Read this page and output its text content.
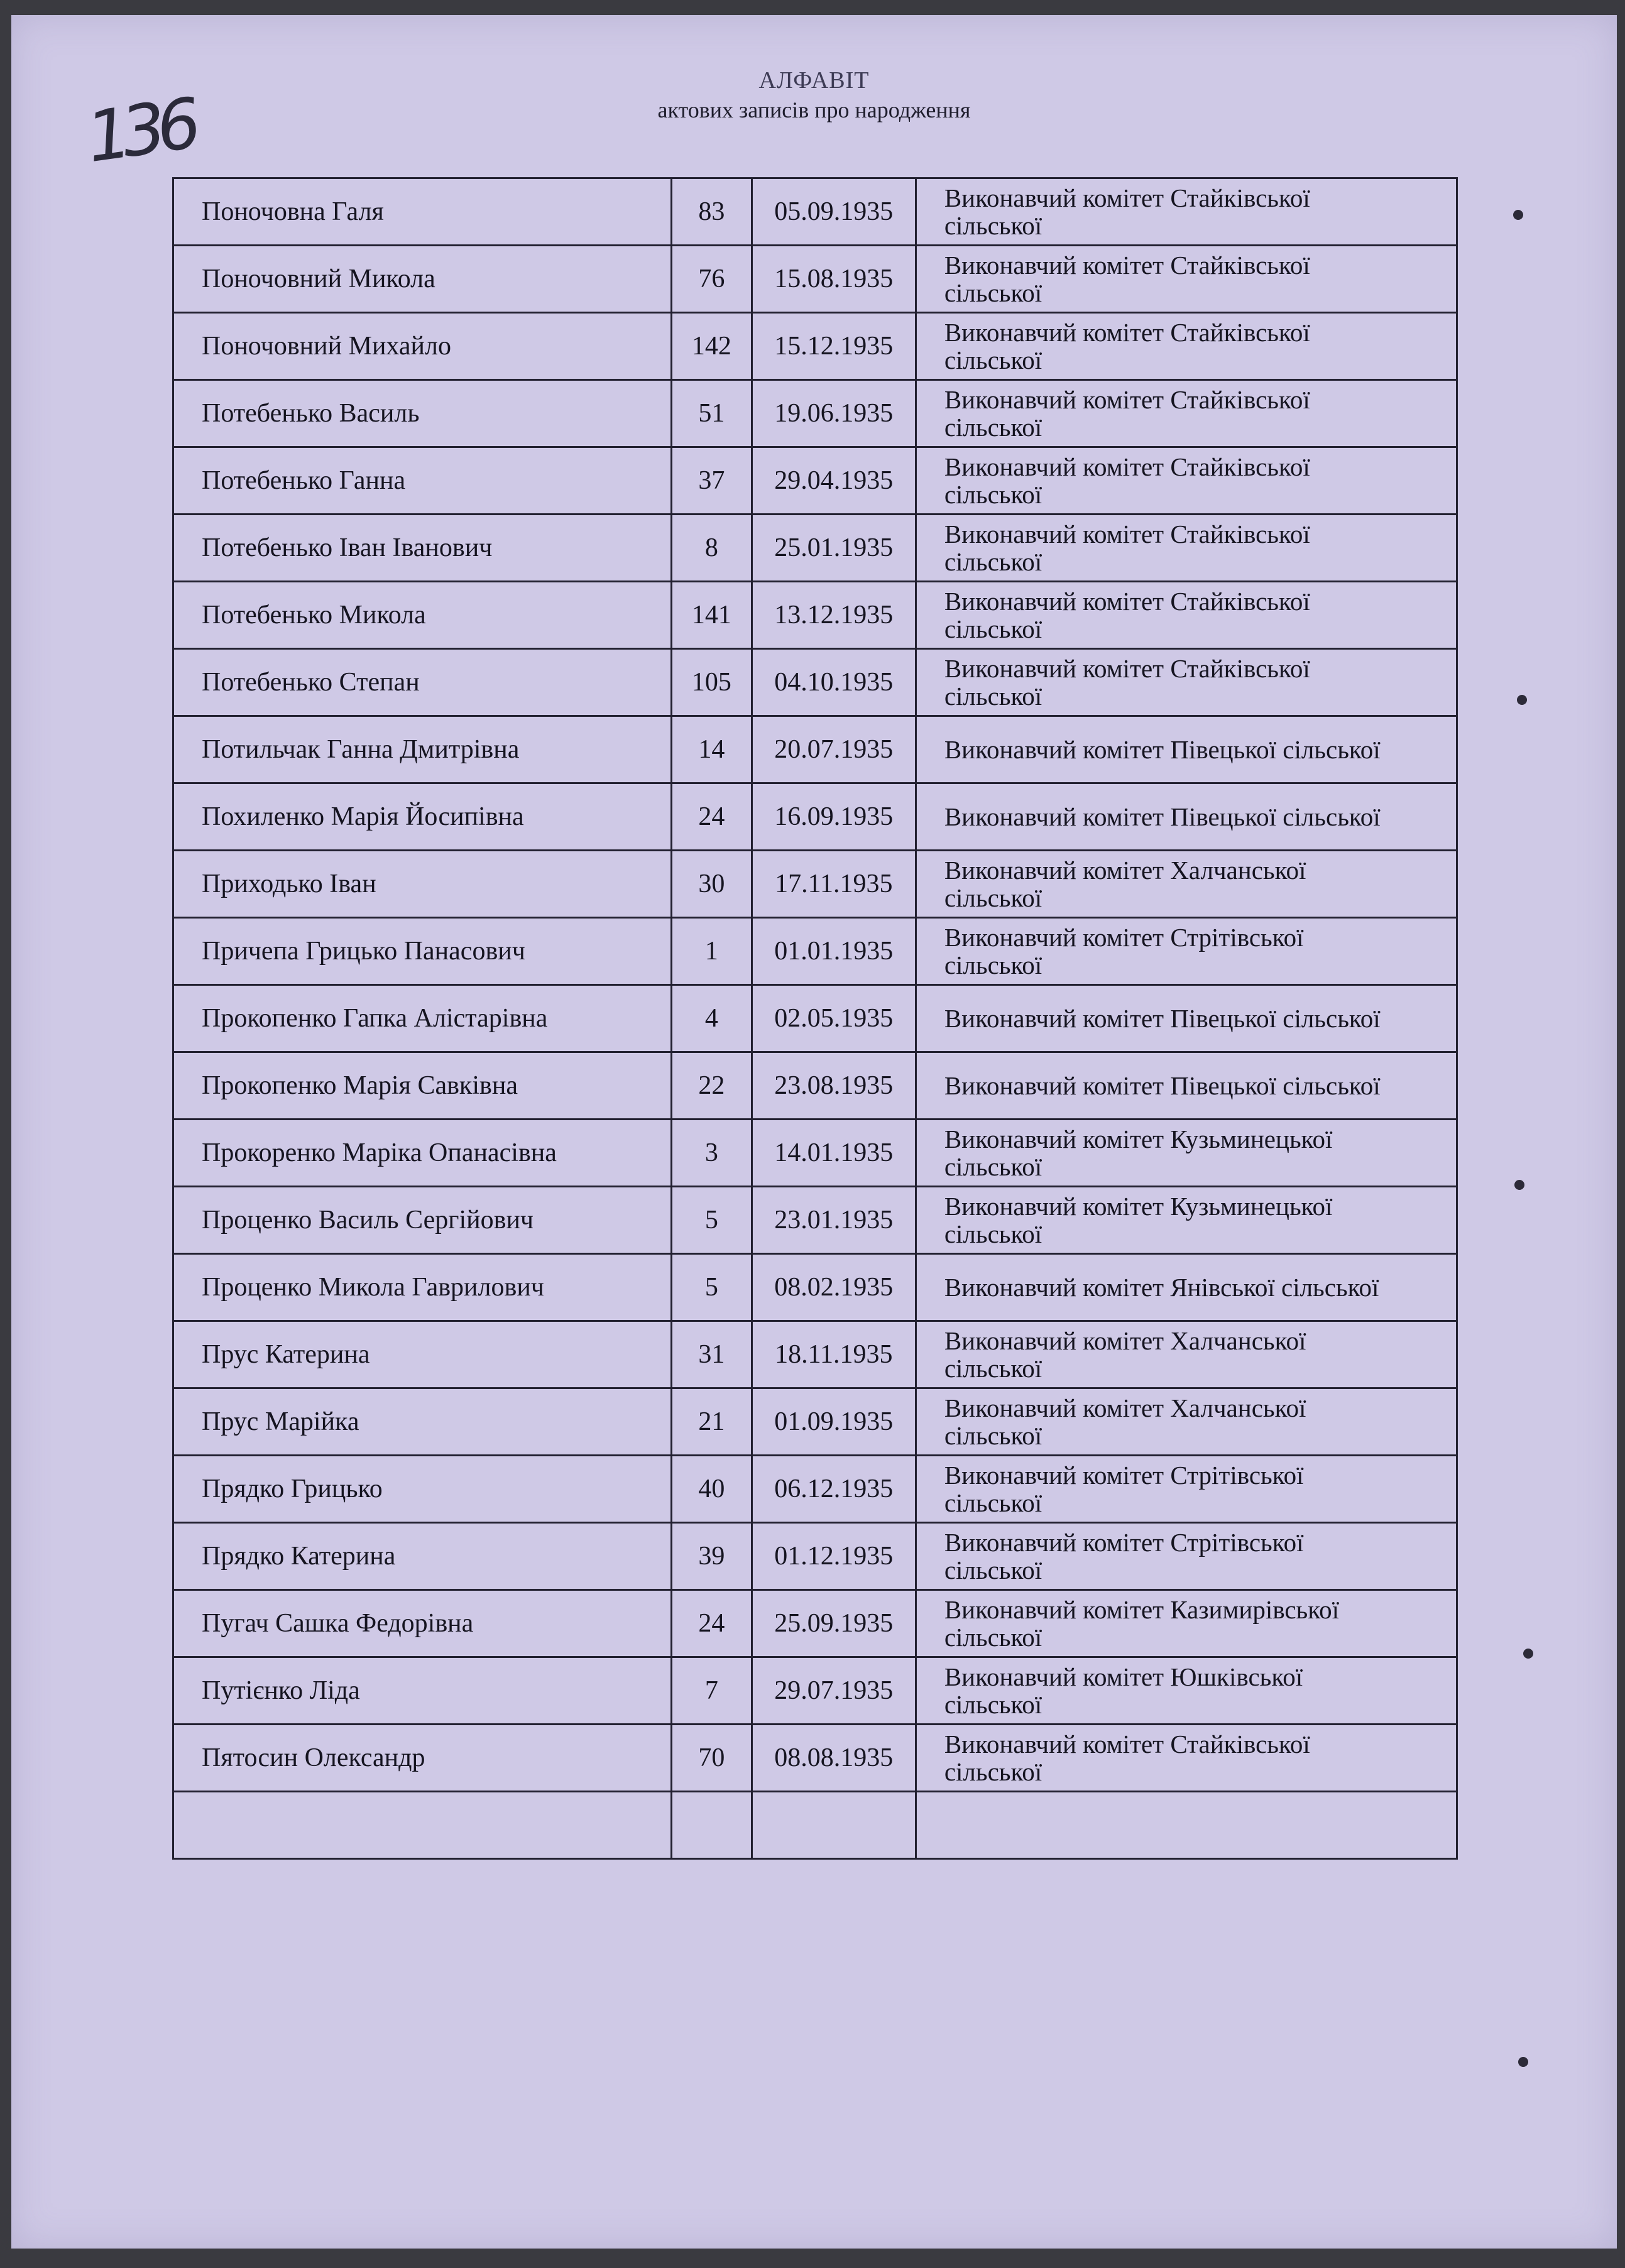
136
АЛФАВІТ
актових записів про народження
Поночовна Галя	83	05.09.1935	Виконавчий комітет Стайківської
сільської

Поночовний Микола	76	15.08.1935	Виконавчий комітет Стайківської
сільської

Поночовний Михайло	142	15.12.1935	Виконавчий комітет Стайківської
сільської

Потебенько Василь	51	19.06.1935	Виконавчий комітет Стайківської
сільської

Потебенько Ганна	37	29.04.1935	Виконавчий комітет Стайківської
сільської

Потебенько Іван Іванович	8	25.01.1935	Виконавчий комітет Стайківської
сільської

Потебенько Микола	141	13.12.1935	Виконавчий комітет Стайківської
сільської

Потебенько Степан	105	04.10.1935	Виконавчий комітет Стайківської
сільської

Потильчак Ганна Дмитрівна	14	20.07.1935	Виконавчий комітет Півецької сільської

Похиленко Марія Йосипівна	24	16.09.1935	Виконавчий комітет Півецької сільської

Приходько Іван	30	17.11.1935	Виконавчий комітет Халчанської
сільської

Причепа Грицько Панасович	1	01.01.1935	Виконавчий комітет Стрітівської
сільської

Прокопенко Гапка Алістарівна	4	02.05.1935	Виконавчий комітет Півецької сільської

Прокопенко Марія Савківна	22	23.08.1935	Виконавчий комітет Півецької сільської

Прокоренко Маріка Опанасівна	3	14.01.1935	Виконавчий комітет Кузьминецької
сільської

Проценко Василь Сергійович	5	23.01.1935	Виконавчий комітет Кузьминецької
сільської

Проценко Микола Гаврилович	5	08.02.1935	Виконавчий комітет Янівської сільської

Прус Катерина	31	18.11.1935	Виконавчий комітет Халчанської
сільської

Прус Марійка	21	01.09.1935	Виконавчий комітет Халчанської
сільської

Прядко Грицько	40	06.12.1935	Виконавчий комітет Стрітівської
сільської

Прядко Катерина	39	01.12.1935	Виконавчий комітет Стрітівської
сільської

Пугач Сашка Федорівна	24	25.09.1935	Виконавчий комітет Казимирівської
сільської

Путієнко Ліда	7	29.07.1935	Виконавчий комітет Юшківської
сільської

Пятосин Олександр	70	08.08.1935	Виконавчий комітет Стайківської
сільської
